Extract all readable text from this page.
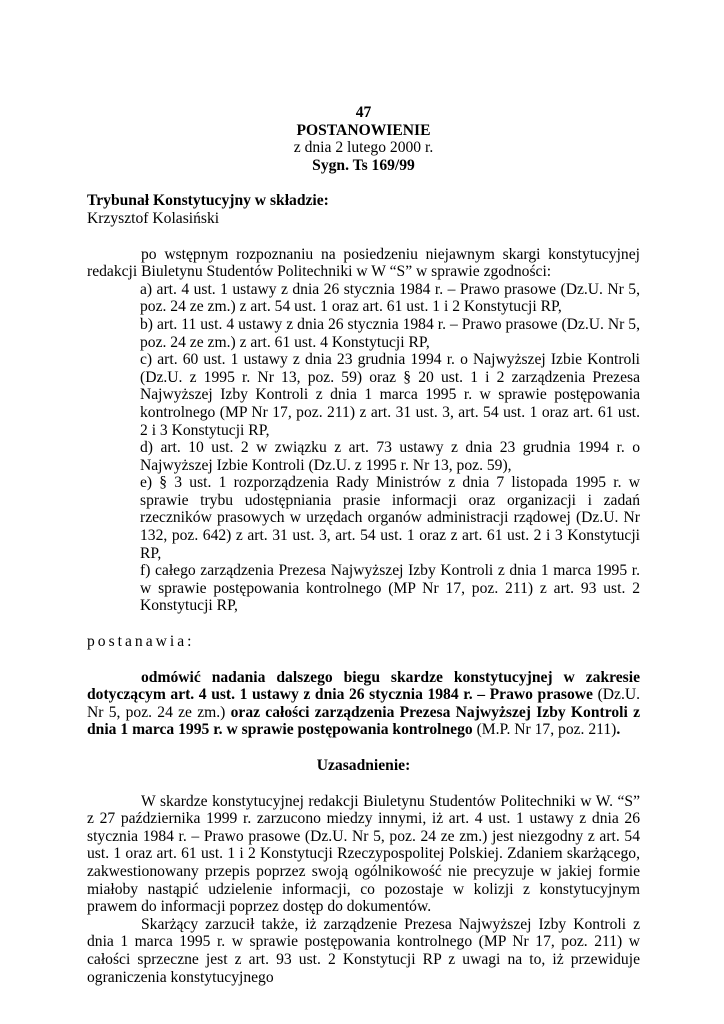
47
POSTANOWIENIE
z dnia 2 lutego 2000 r.
Sygn. Ts 169/99
Trybunał Konstytucyjny w składzie:
Krzysztof Kolasiński

po wstępnym rozpoznaniu na posiedzeniu niejawnym skargi konstytucyjnej redakcji Biuletynu Studentów Politechniki w W “S” w sprawie zgodności:

a) art. 4 ust. 1 ustawy z dnia 26 stycznia 1984 r. – Prawo prasowe (Dz.U. Nr 5, poz. 24 ze zm.) z art. 54 ust. 1 oraz art. 61 ust. 1 i 2 Konstytucji RP,

b) art. 11 ust. 4 ustawy z dnia 26 stycznia 1984 r. – Prawo prasowe (Dz.U. Nr 5, poz. 24 ze zm.) z art. 61 ust. 4 Konstytucji RP,

c) art. 60 ust. 1 ustawy z dnia 23 grudnia 1994 r. o Najwyższej Izbie Kontroli (Dz.U. z 1995 r. Nr 13, poz. 59) oraz § 20 ust. 1 i 2 zarządzenia Prezesa Najwyższej Izby Kontroli z dnia 1 marca 1995 r. w sprawie postępowania kontrolnego (MP Nr 17, poz. 211) z art. 31 ust. 3, art. 54 ust. 1 oraz art. 61 ust. 2 i 3 Konstytucji RP,

d) art. 10 ust. 2 w związku z art. 73 ustawy z dnia 23 grudnia 1994 r. o Najwyższej Izbie Kontroli (Dz.U. z 1995 r. Nr 13, poz. 59),

e) § 3 ust. 1 rozporządzenia Rady Ministrów z dnia 7 listopada 1995 r. w sprawie trybu udostępniania prasie informacji oraz organizacji i zadań rzeczników prasowych w urzędach organów administracji rządowej (Dz.U. Nr 132, poz. 642) z art. 31 ust. 3, art. 54 ust. 1 oraz z art. 61 ust. 2 i 3 Konstytucji RP,

f) całego zarządzenia Prezesa Najwyższej Izby Kontroli z dnia 1 marca 1995 r. w sprawie postępowania kontrolnego (MP Nr 17, poz. 211) z art. 93 ust. 2 Konstytucji RP,

postanawia:

odmówić nadania dalszego biegu skardze konstytucyjnej w zakresie dotyczącym art. 4 ust. 1 ustawy z dnia 26 stycznia 1984 r. – Prawo prasowe (Dz.U. Nr 5, poz. 24 ze zm.) oraz całości zarządzenia Prezesa Najwyższej Izby Kontroli z dnia 1 marca 1995 r. w sprawie postępowania kontrolnego (M.P. Nr 17, poz. 211).

Uzasadnienie:

W skardze konstytucyjnej redakcji Biuletynu Studentów Politechniki w W. “S” z 27 października 1999 r. zarzucono miedzy innymi, iż art. 4 ust. 1 ustawy z dnia 26 stycznia 1984 r. – Prawo prasowe (Dz.U. Nr 5, poz. 24 ze zm.) jest niezgodny z art. 54 ust. 1 oraz art. 61 ust. 1 i 2 Konstytucji Rzeczypospolitej Polskiej. Zdaniem skarżącego, zakwestionowany przepis poprzez swoją ogólnikowość nie precyzuje w jakiej formie miałoby nastąpić udzielenie informacji, co pozostaje w kolizji z konstytucyjnym prawem do informacji poprzez dostęp do dokumentów.

Skarżący zarzucił także, iż zarządzenie Prezesa Najwyższej Izby Kontroli z dnia 1 marca 1995 r. w sprawie postępowania kontrolnego (MP Nr 17, poz. 211) w całości sprzeczne jest z art. 93 ust. 2 Konstytucji RP z uwagi na to, iż przewiduje ograniczenia konstytucyjnego
